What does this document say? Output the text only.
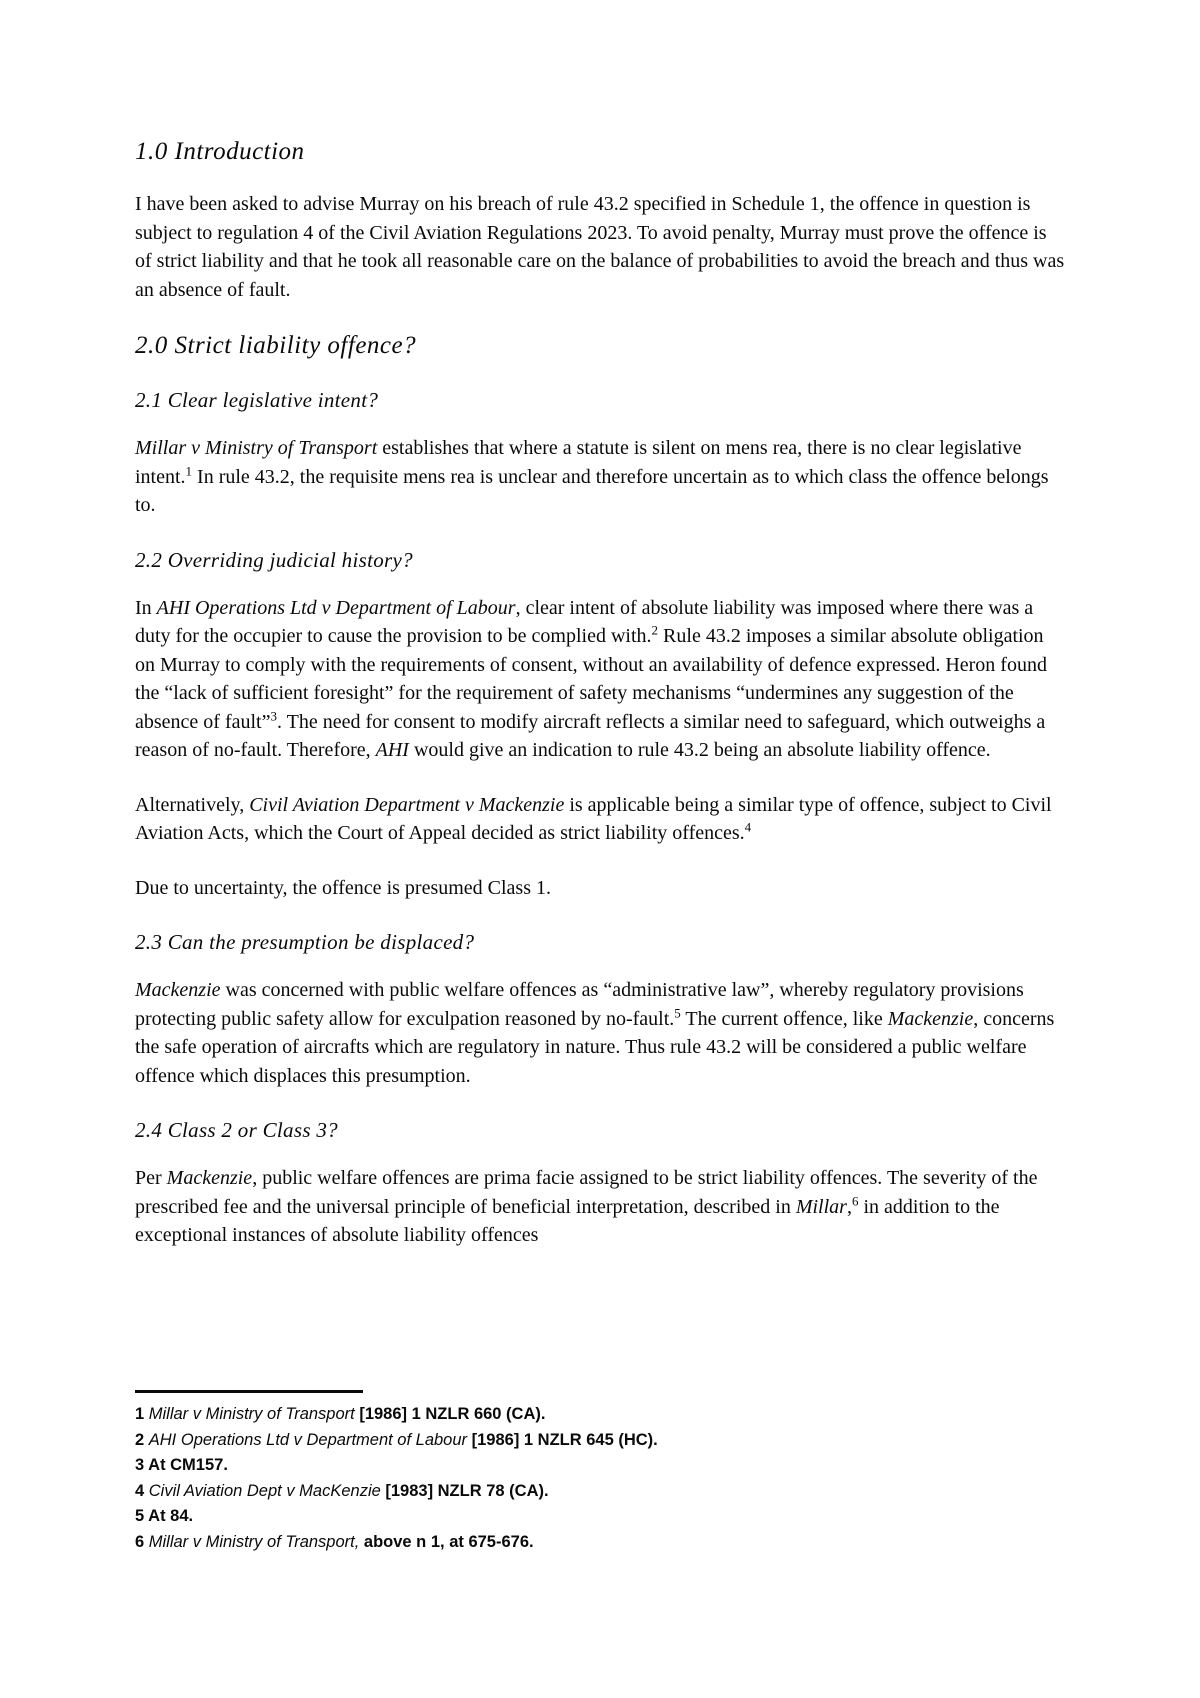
1.0 Introduction

I have been asked to advise Murray on his breach of rule 43.2 specified in Schedule 1, the offence in question is subject to regulation 4 of the Civil Aviation Regulations 2023. To avoid penalty, Murray must prove the offence is of strict liability and that he took all reasonable care on the balance of probabilities to avoid the breach and thus was an absence of fault.

2.0 Strict liability offence?
2.1 Clear legislative intent?

Millar v Ministry of Transport establishes that where a statute is silent on mens rea, there is no clear legislative intent.$^1$ In rule 43.2, the requisite mens rea is unclear and therefore uncertain as to which class the offence belongs to.

2.2 Overriding judicial history?

In AHI Operations Ltd v Department of Labour, clear intent of absolute liability was imposed where there was a duty for the occupier to cause the provision to be complied with.$^2$ Rule 43.2 imposes a similar absolute obligation on Murray to comply with the requirements of consent, without an availability of defence expressed. Heron found the “lack of sufficient foresight” for the requirement of safety mechanisms “undermines any suggestion of the absence of fault”$^3$. The need for consent to modify aircraft reflects a similar need to safeguard, which outweighs a reason of no-fault. Therefore, AHI would give an indication to rule 43.2 being an absolute liability offence.

Alternatively, Civil Aviation Department v Mackenzie is applicable being a similar type of offence, subject to Civil Aviation Acts, which the Court of Appeal decided as strict liability offences.$^4$

Due to uncertainty, the offence is presumed Class 1.

2.3 Can the presumption be displaced?

Mackenzie was concerned with public welfare offences as “administrative law”, whereby regulatory provisions protecting public safety allow for exculpation reasoned by no-fault.$^5$ The current offence, like Mackenzie, concerns the safe operation of aircrafts which are regulatory in nature. Thus rule 43.2 will be considered a public welfare offence which displaces this presumption.

2.4 Class 2 or Class 3?

Per Mackenzie, public welfare offences are prima facie assigned to be strict liability offences. The severity of the prescribed fee and the universal principle of beneficial interpretation, described in Millar,$^6$ in addition to the exceptional instances of absolute liability offences

1 Millar v Ministry of Transport [1986] 1 NZLR 660 (CA).
2 AHI Operations Ltd v Department of Labour [1986] 1 NZLR 645 (HC).
3 At CM157.
4 Civil Aviation Dept v MacKenzie [1983] NZLR 78 (CA).
5 At 84.
6 Millar v Ministry of Transport, above n 1, at 675-676.
